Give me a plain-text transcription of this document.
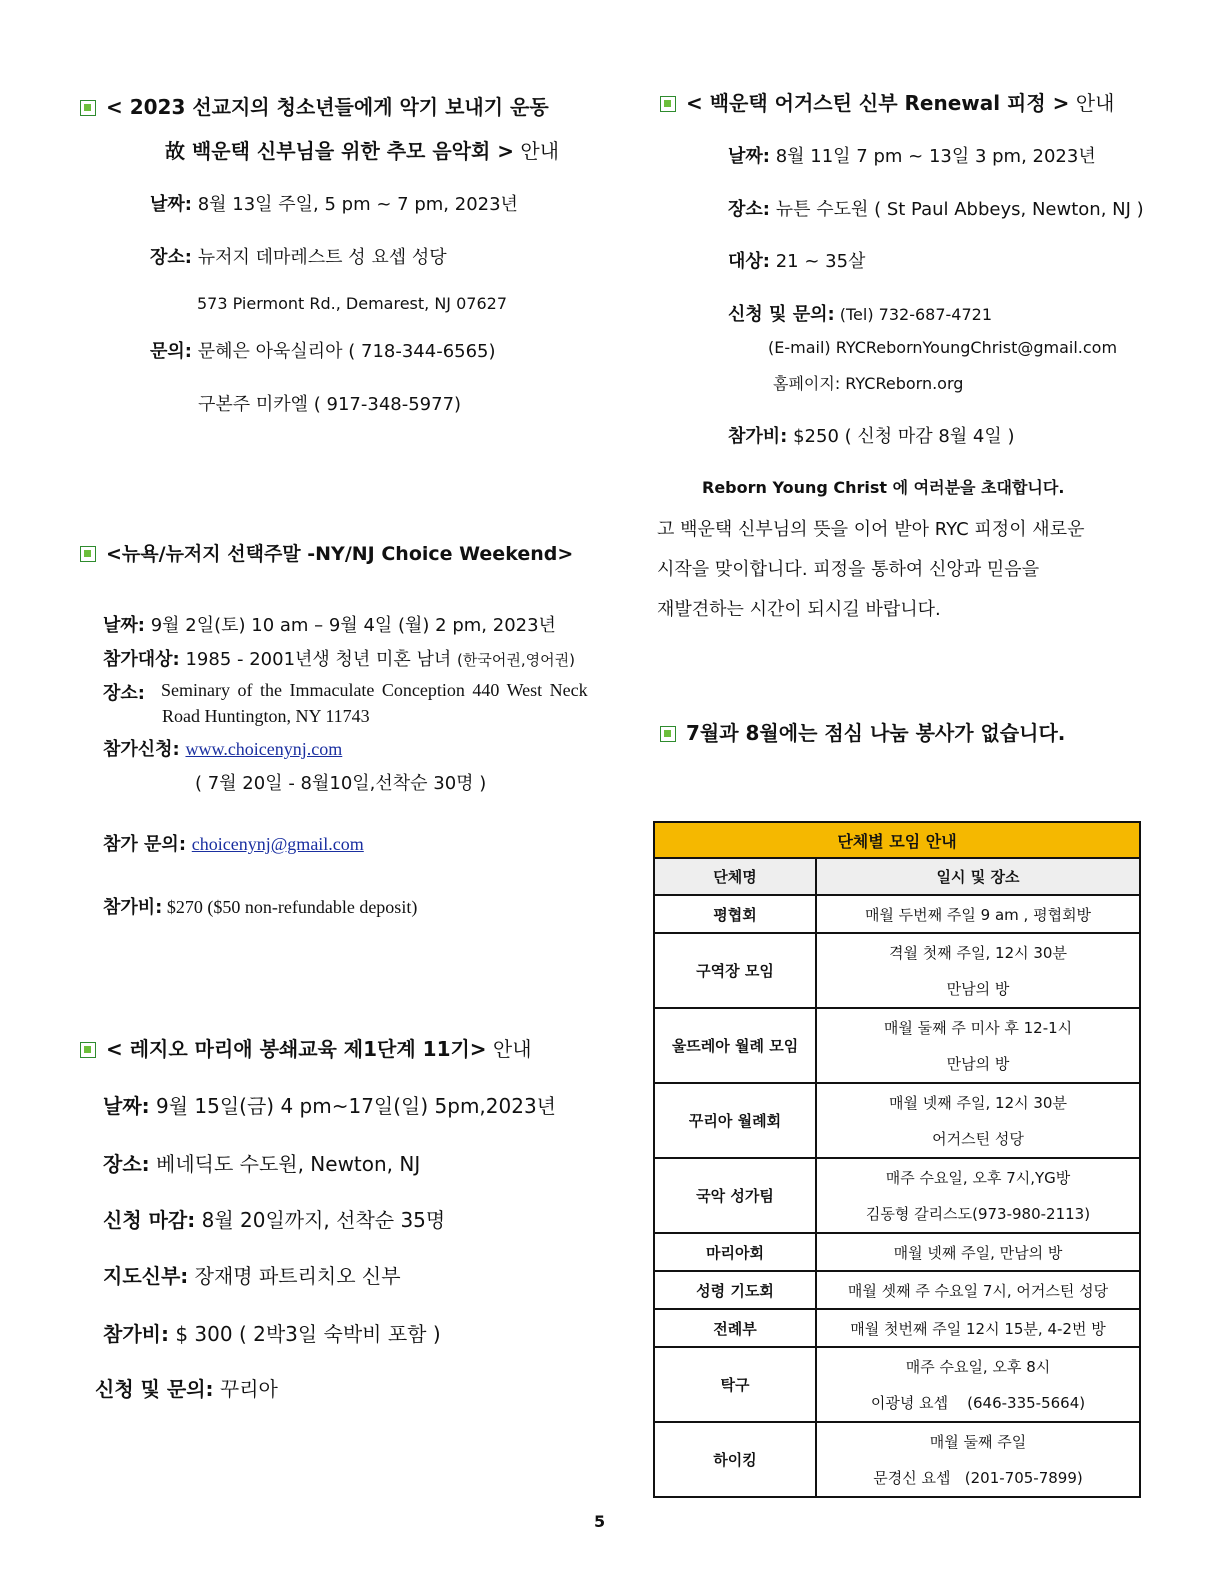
< 2023 선교지의 청소년들에게 악기 보내기 운동
故 백운택 신부님을 위한 추모 음악회 > 안내
날짜: 8월 13일 주일, 5 pm ~ 7 pm, 2023년
장소: 뉴저지 데마레스트 성 요셉 성당
573 Piermont Rd., Demarest, NJ 07627
문의: 문혜은 아욱실리아 ( 718-344-6565)
구본주 미카엘 ( 917-348-5977)
<뉴욕/뉴저지 선택주말 -NY/NJ Choice Weekend>
날짜: 9월 2일(토) 10 am – 9월 4일 (월) 2 pm, 2023년
참가대상: 1985 - 2001년생 청년 미혼 남녀 (한국어권,영어권)
장소: Seminary of the Immaculate Conception 440 West Neck
Road Huntington, NY 11743
참가신청: www.choicenynj.com
( 7월 20일 - 8월10일,선착순 30명 )
참가 문의: choicenynj@gmail.com
참가비: $270 ($50 non-refundable deposit)
< 레지오 마리애 봉쇄교육 제1단계 11기> 안내
날짜: 9월 15일(금) 4 pm~17일(일) 5pm,2023년
장소: 베네딕도 수도원, Newton, NJ
신청 마감: 8월 20일까지, 선착순 35명
지도신부: 장재명 파트리치오 신부
참가비: $ 300 ( 2박3일 숙박비 포함 )
신청 및 문의: 꾸리아
< 백운택 어거스틴 신부 Renewal 피정 > 안내
날짜: 8월 11일 7 pm ~ 13일 3 pm, 2023년
장소: 뉴튼 수도원 ( St Paul Abbeys, Newton, NJ )
대상: 21 ~ 35살
신청 및 문의: (Tel) 732-687-4721
(E-mail) RYCRebornYoungChrist@gmail.com
홈페이지: RYCReborn.org
참가비: $250 ( 신청 마감 8월 4일 )
Reborn Young Christ 에 여러분을 초대합니다.
고 백운택 신부님의 뜻을 이어 받아 RYC 피정이 새로운
시작을 맞이합니다. 피정을 통하여 신앙과 믿음을
재발견하는 시간이 되시길 바랍니다.
7월과 8월에는 점심 나눔 봉사가 없습니다.
단체별 모임 안내	
단체명	일시 및 장소
평협회	매월 두번째 주일 9 am , 평협회방
구역장 모임	격월 첫째 주일, 12시 30분
만남의 방

울뜨레아 월례 모임	매월 둘째 주 미사 후 12-1시
만남의 방

꾸리아 월례회	매월 넷째 주일, 12시 30분
어거스틴 성당

국악 성가팀	매주 수요일, 오후 7시,YG방
김동형 갈리스도(973-980-2113)

마리아회	매월 넷째 주일, 만남의 방
성령 기도회	매월 셋째 주 수요일 7시, 어거스틴 성당
전례부	매월 첫번째 주일 12시 15분, 4-2번 방
탁구	매주 수요일, 오후 8시
이광녕 요셉    (646-335-5664)

하이킹	매월 둘째 주일
문경신 요셉   (201-705-7899)
5
